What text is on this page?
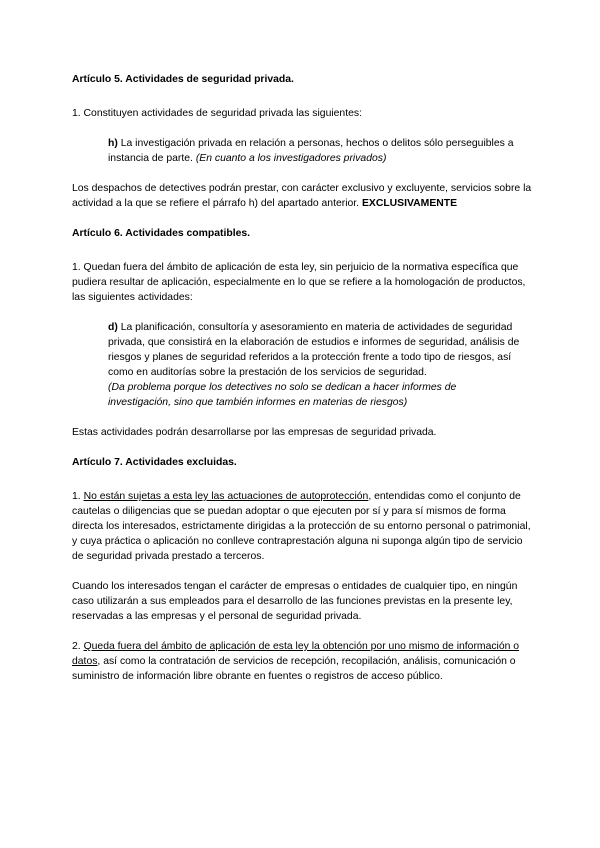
Artículo 5. Actividades de seguridad privada.

1. Constituyen actividades de seguridad privada las siguientes:

h) La investigación privada en relación a personas, hechos o delitos sólo perseguibles a instancia de parte. (En cuanto a los investigadores privados)

Los despachos de detectives podrán prestar, con carácter exclusivo y excluyente, servicios sobre la actividad a la que se refiere el párrafo h) del apartado anterior. EXCLUSIVAMENTE

Artículo 6. Actividades compatibles.

1. Quedan fuera del ámbito de aplicación de esta ley, sin perjuicio de la normativa específica que pudiera resultar de aplicación, especialmente en lo que se refiere a la homologación de productos, las siguientes actividades:

d) La planificación, consultoría y asesoramiento en materia de actividades de seguridad privada, que consistirá en la elaboración de estudios e informes de seguridad, análisis de riesgos y planes de seguridad referidos a la protección frente a todo tipo de riesgos, así como en auditorías sobre la prestación de los servicios de seguridad.
(Da problema porque los detectives no solo se dedican a hacer informes de investigación, sino que también informes en materias de riesgos)

Estas actividades podrán desarrollarse por las empresas de seguridad privada.

Artículo 7. Actividades excluidas.

1. No están sujetas a esta ley las actuaciones de autoprotección, entendidas como el conjunto de cautelas o diligencias que se puedan adoptar o que ejecuten por sí y para sí mismos de forma directa los interesados, estrictamente dirigidas a la protección de su entorno personal o patrimonial, y cuya práctica o aplicación no conlleve contraprestación alguna ni suponga algún tipo de servicio de seguridad privada prestado a terceros.

Cuando los interesados tengan el carácter de empresas o entidades de cualquier tipo, en ningún caso utilizarán a sus empleados para el desarrollo de las funciones previstas en la presente ley, reservadas a las empresas y el personal de seguridad privada.

2. Queda fuera del ámbito de aplicación de esta ley la obtención por uno mismo de información o datos, así como la contratación de servicios de recepción, recopilación, análisis, comunicación o suministro de información libre obrante en fuentes o registros de acceso público.
